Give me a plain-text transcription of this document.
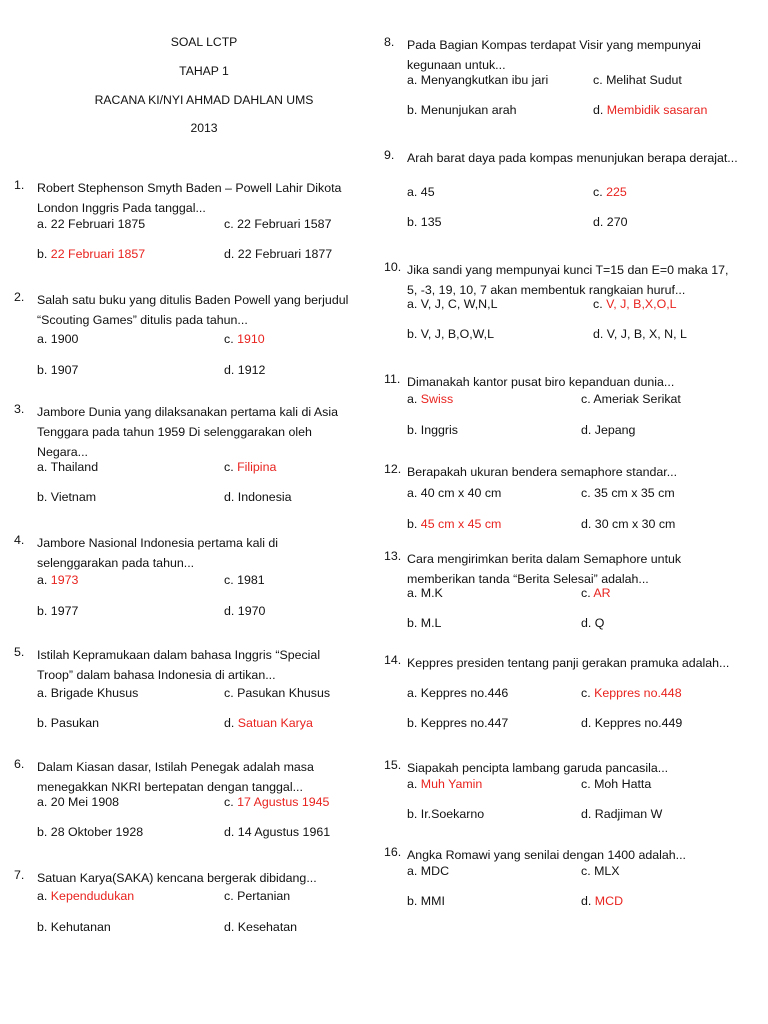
SOAL LCTP
TAHAP 1
RACANA KI/NYI AHMAD DAHLAN UMS
2013
1. Robert Stephenson Smyth Baden – Powell Lahir Dikota London Inggris Pada tanggal...
a. 22 Februari 1875	c. 22 Februari 1587
b. 22 Februari 1857	d. 22 Februari 1877
2. Salah satu buku yang ditulis Baden Powell yang berjudul “Scouting Games” ditulis pada tahun...
a. 1900	c. 1910
b. 1907	d. 1912
3. Jambore Dunia yang dilaksanakan pertama kali di Asia Tenggara pada tahun 1959 Di selenggarakan oleh Negara...
a. Thailand	c. Filipina
b. Vietnam	d. Indonesia
4. Jambore Nasional Indonesia pertama kali di selenggarakan pada tahun...
a. 1973	c. 1981
b. 1977	d. 1970
5. Istilah Kepramukaan dalam bahasa Inggris “Special Troop” dalam bahasa Indonesia di artikan...
a. Brigade Khusus	c. Pasukan Khusus
b. Pasukan	d. Satuan Karya
6. Dalam Kiasan dasar, Istilah Penegak adalah masa menegakkan NKRI bertepatan dengan tanggal...
a. 20 Mei 1908	c. 17 Agustus 1945
b. 28 Oktober 1928	d. 14 Agustus 1961
7. Satuan Karya(SAKA) kencana bergerak dibidang...
a. Kependudukan	c. Pertanian
b. Kehutanan	d. Kesehatan
8. Pada Bagian Kompas terdapat Visir yang mempunyai kegunaan untuk...
a. Menyangkutkan ibu jari	c. Melihat Sudut
b. Menunjukan arah	d. Membidik sasaran
9. Arah barat daya pada kompas menunjukan berapa derajat...
a. 45	c. 225
b. 135	d. 270
10. Jika sandi yang mempunyai kunci T=15 dan E=0 maka 17, 5, -3, 19, 10, 7 akan membentuk rangkaian huruf...
a. V, J, C, W,N,L	c. V, J, B,X,O,L
b. V, J, B,O,W,L	d. V, J, B, X, N, L
11. Dimanakah kantor pusat biro kepanduan dunia...
a. Swiss	c. Ameriak Serikat
b. Inggris	d. Jepang
12. Berapakah ukuran bendera semaphore standar...
a. 40 cm x 40 cm	c. 35 cm x 35 cm
b. 45 cm x 45 cm	d. 30 cm x 30 cm
13. Cara mengirimkan berita dalam Semaphore untuk memberikan tanda “Berita Selesai” adalah...
a. M.K	c. AR
b. M.L	d. Q
14. Keppres presiden tentang panji gerakan pramuka adalah...
a. Keppres no.446	c. Keppres no.448
b. Keppres no.447	d. Keppres no.449
15. Siapakah pencipta lambang garuda pancasila...
a. Muh Yamin	c. Moh Hatta
b. Ir.Soekarno	d. Radjiman W
16. Angka Romawi yang senilai dengan 1400 adalah...
a. MDC	c. MLX
b. MMI	d. MCD
